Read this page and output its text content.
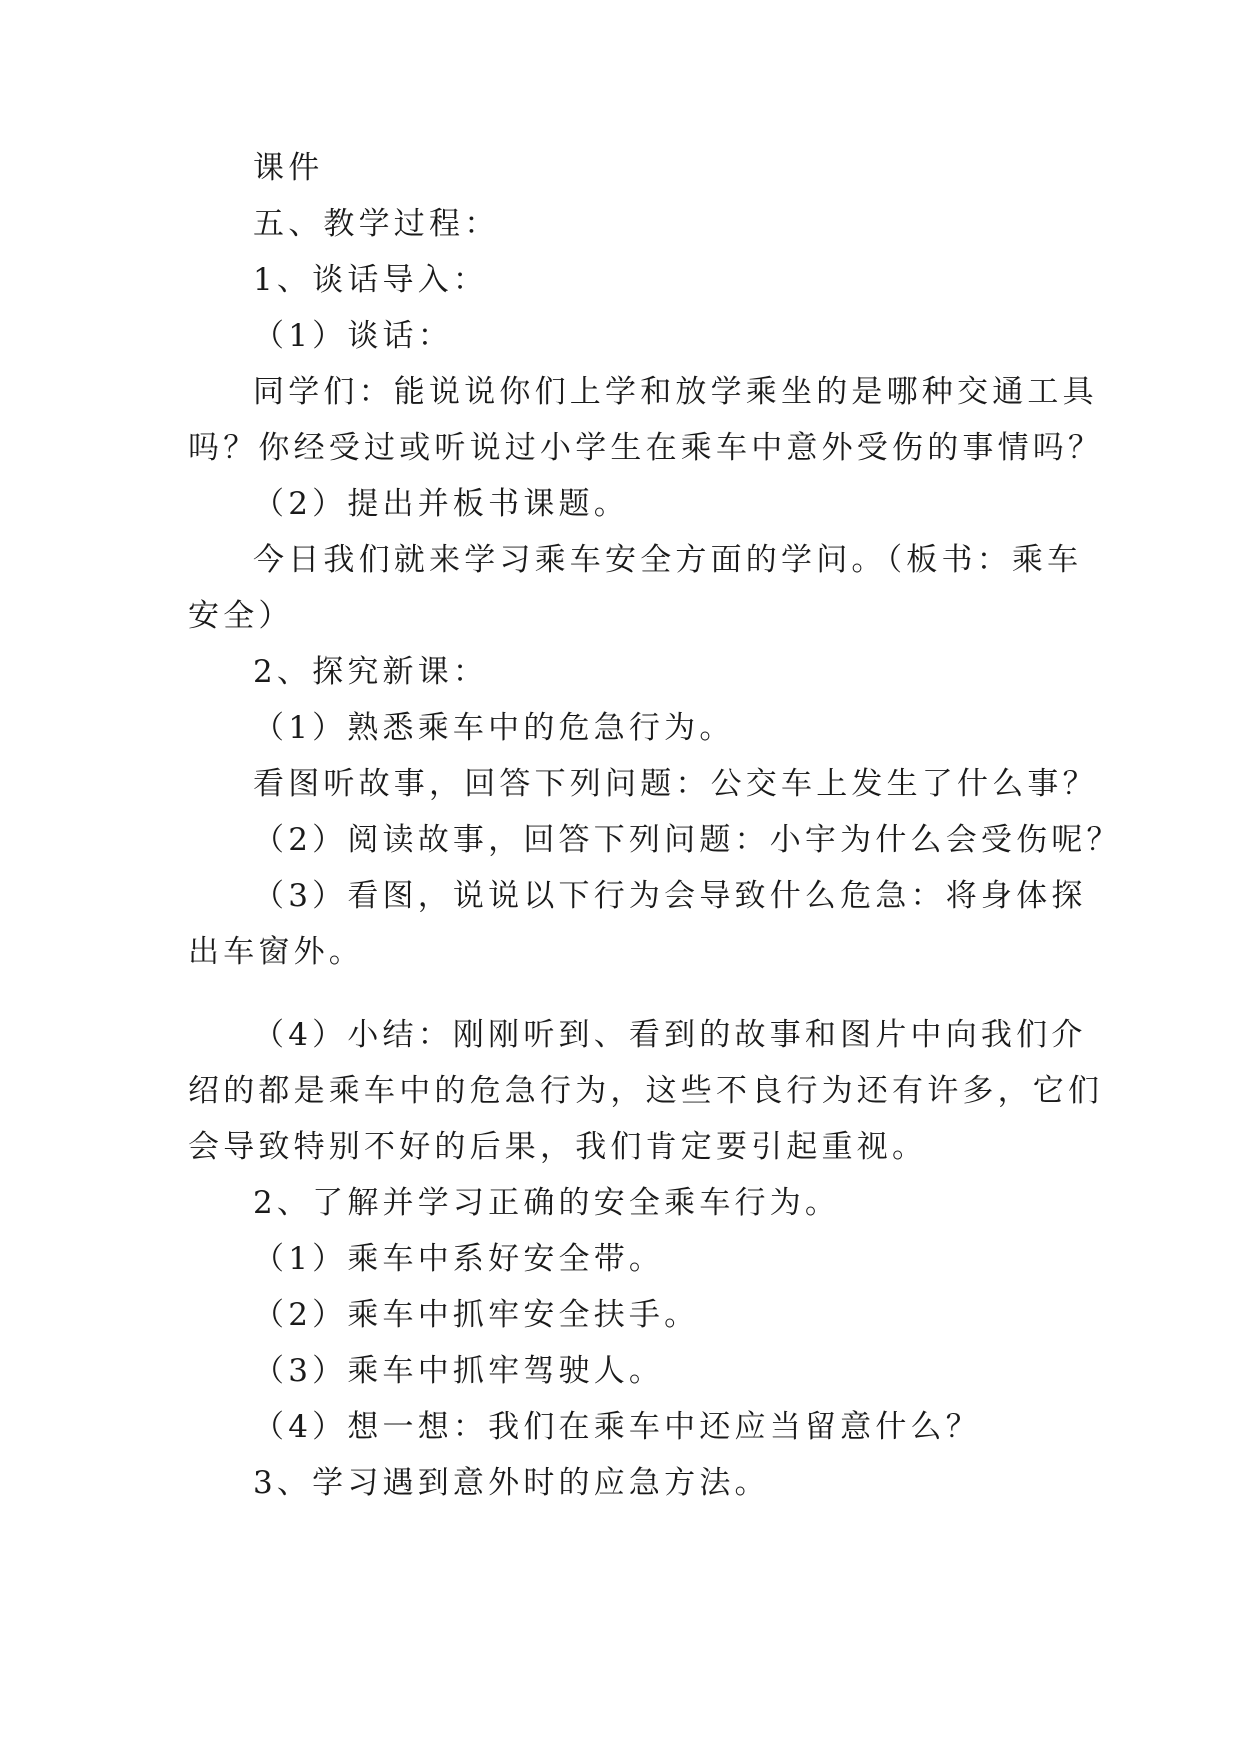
课件

五、教学过程：

1、谈话导入：

（1）谈话：

同学们：能说说你们上学和放学乘坐的是哪种交通工具

吗？你经受过或听说过小学生在乘车中意外受伤的事情吗？

（2）提出并板书课题。

今日我们就来学习乘车安全方面的学问。（板书：乘车

安全）

2、探究新课：

（1）熟悉乘车中的危急行为。

看图听故事，回答下列问题：公交车上发生了什么事？

（2）阅读故事，回答下列问题：小宇为什么会受伤呢？

（3）看图，说说以下行为会导致什么危急：将身体探

出车窗外。

（4）小结：刚刚听到、看到的故事和图片中向我们介

绍的都是乘车中的危急行为，这些不良行为还有许多，它们

会导致特别不好的后果，我们肯定要引起重视。

2、了解并学习正确的安全乘车行为。

（1）乘车中系好安全带。

（2）乘车中抓牢安全扶手。

（3）乘车中抓牢驾驶人。

（4）想一想：我们在乘车中还应当留意什么？

3、学习遇到意外时的应急方法。
